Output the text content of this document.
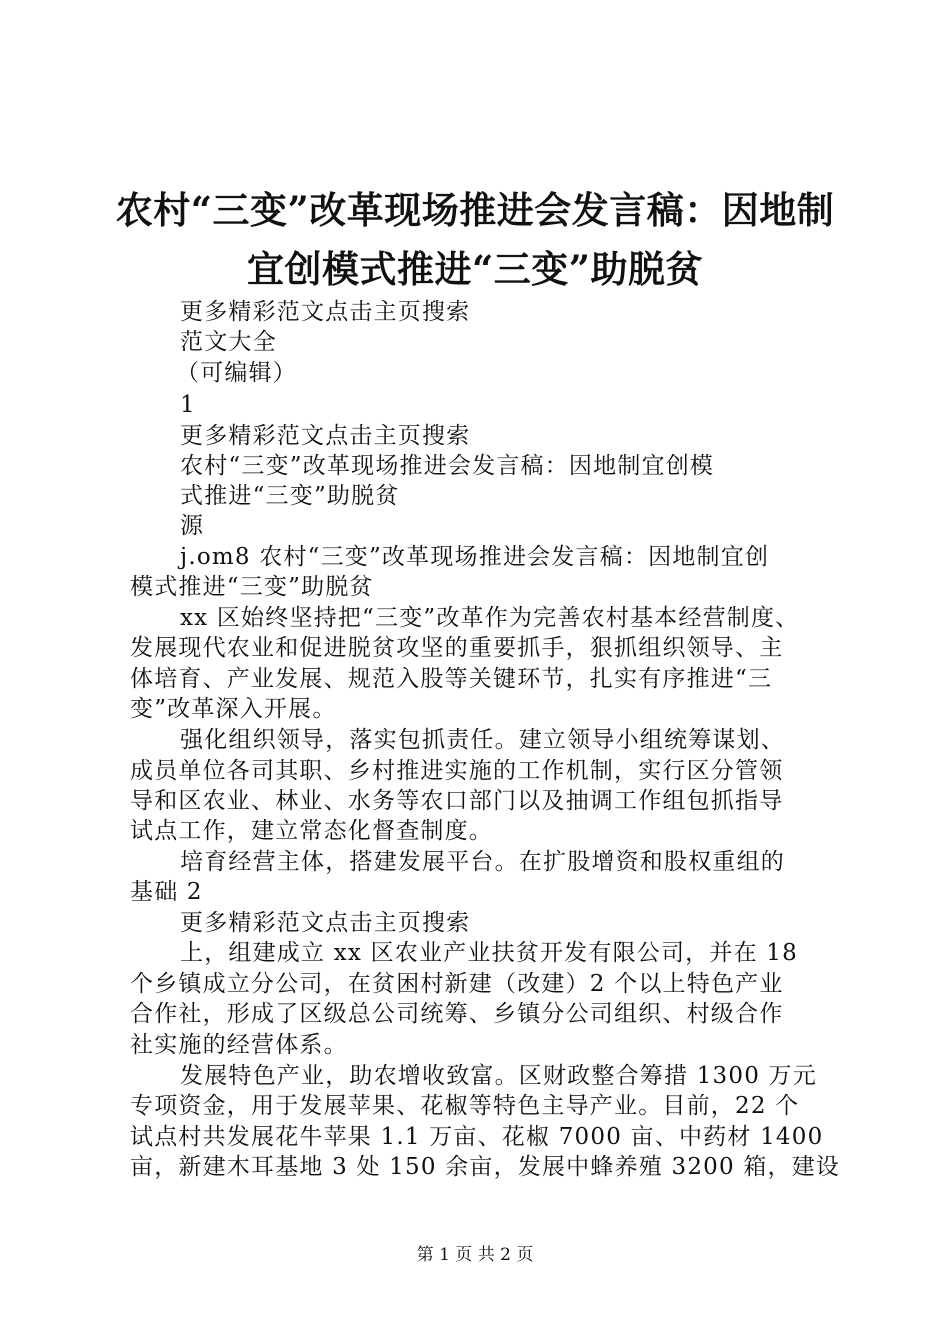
农村“三变”改革现场推进会发言稿：因地制
宜创模式推进“三变”助脱贫
更多精彩范文点击主页搜索
范文大全
（可编辑）
1
更多精彩范文点击主页搜索
农村“三变”改革现场推进会发言稿：因地制宜创模
式推进“三变”助脱贫
源
j.om8 农村“三变”改革现场推进会发言稿：因地制宜创
模式推进“三变”助脱贫
xx 区始终坚持把“三变”改革作为完善农村基本经营制度、
发展现代农业和促进脱贫攻坚的重要抓手，狠抓组织领导、主
体培育、产业发展、规范入股等关键环节，扎实有序推进“三
变”改革深入开展。
强化组织领导，落实包抓责任。建立领导小组统筹谋划、
成员单位各司其职、乡村推进实施的工作机制，实行区分管领
导和区农业、林业、水务等农口部门以及抽调工作组包抓指导
试点工作，建立常态化督查制度。
培育经营主体，搭建发展平台。在扩股增资和股权重组的
基础 2
更多精彩范文点击主页搜索
上，组建成立 xx 区农业产业扶贫开发有限公司，并在 18
个乡镇成立分公司，在贫困村新建（改建）2 个以上特色产业
合作社，形成了区级总公司统筹、乡镇分公司组织、村级合作
社实施的经营体系。
发展特色产业，助农增收致富。区财政整合筹措 1300 万元
专项资金，用于发展苹果、花椒等特色主导产业。目前，22 个
试点村共发展花牛苹果 1.1 万亩、花椒 7000 亩、中药材 1400
亩，新建木耳基地 3 处 150 余亩，发展中蜂养殖 3200 箱，建设
第 1 页 共 2 页
